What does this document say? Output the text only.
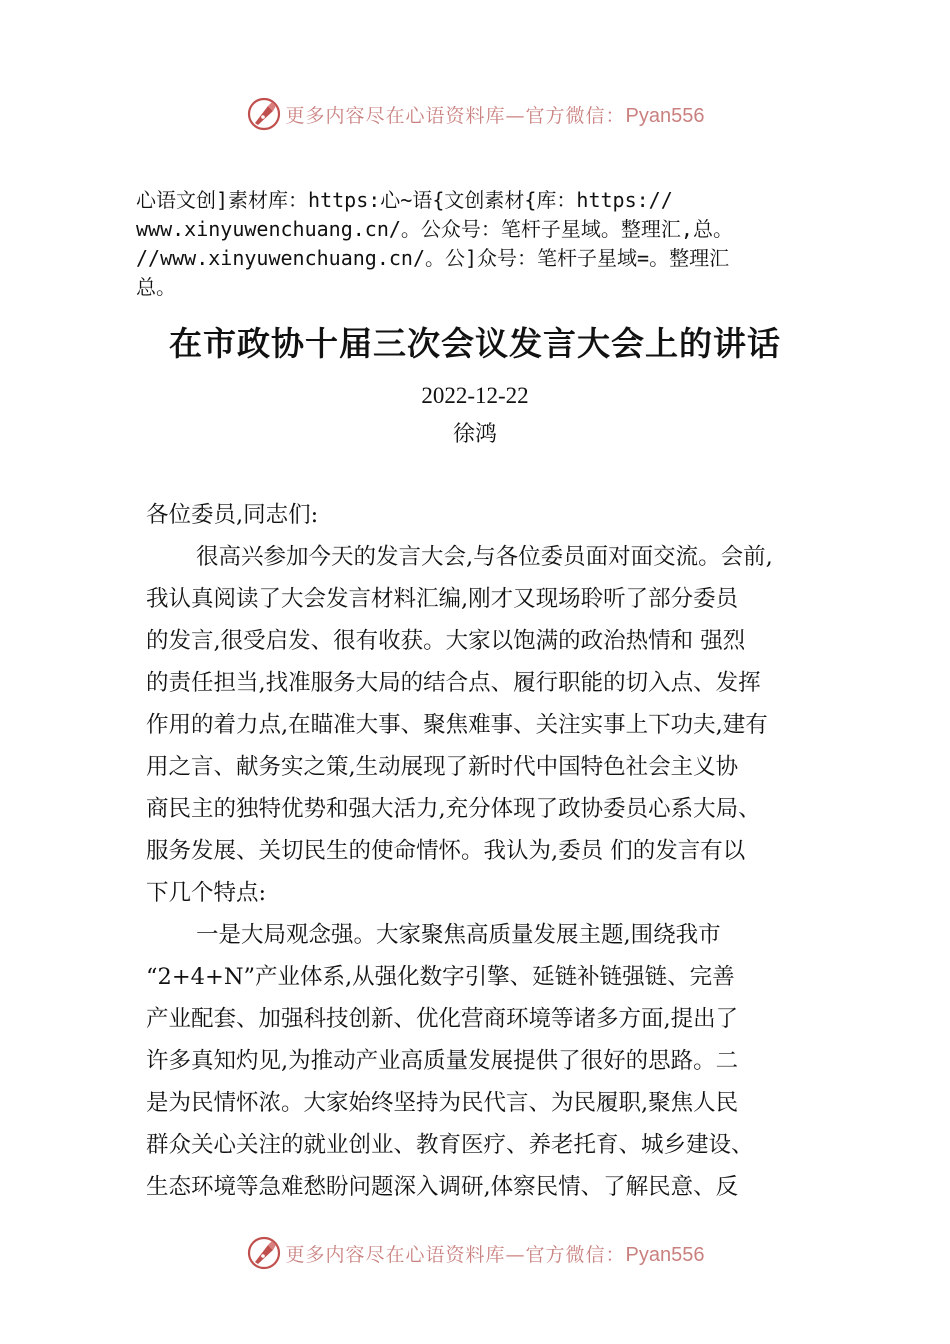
更多内容尽在心语资料库—官方微信：Pyan556
心语文创]素材库：https:心~语{文创素材{库：https://
www.xinyuwenchuang.cn/。公众号：笔杆子星域。整理汇,总。
//www.xinyuwenchuang.cn/。公]众号：笔杆子星域=。整理汇
总。
在市政协十届三次会议发言大会上的讲话
2022-12-22
徐鸿
各位委员,同志们:
很高兴参加今天的发言大会,与各位委员面对面交流。会前,
我认真阅读了大会发言材料汇编,刚才又现场聆听了部分委员
的发言,很受启发、很有收获。大家以饱满的政治热情和 强烈
的责任担当,找准服务大局的结合点、履行职能的切入点、发挥
作用的着力点,在瞄准大事、聚焦难事、关注实事上下功夫,建有
用之言、献务实之策,生动展现了新时代中国特色社会主义协
商民主的独特优势和强大活力,充分体现了政协委员心系大局、
服务发展、关切民生的使命情怀。我认为,委员 们的发言有以
下几个特点:
一是大局观念强。大家聚焦高质量发展主题,围绕我市
“2+4+N”产业体系,从强化数字引擎、延链补链强链、完善
产业配套、加强科技创新、优化营商环境等诸多方面,提出了
许多真知灼见,为推动产业高质量发展提供了很好的思路。二
是为民情怀浓。大家始终坚持为民代言、为民履职,聚焦人民
群众关心关注的就业创业、教育医疗、养老托育、城乡建设、
生态环境等急难愁盼问题深入调研,体察民情、了解民意、反
更多内容尽在心语资料库—官方微信：Pyan556
